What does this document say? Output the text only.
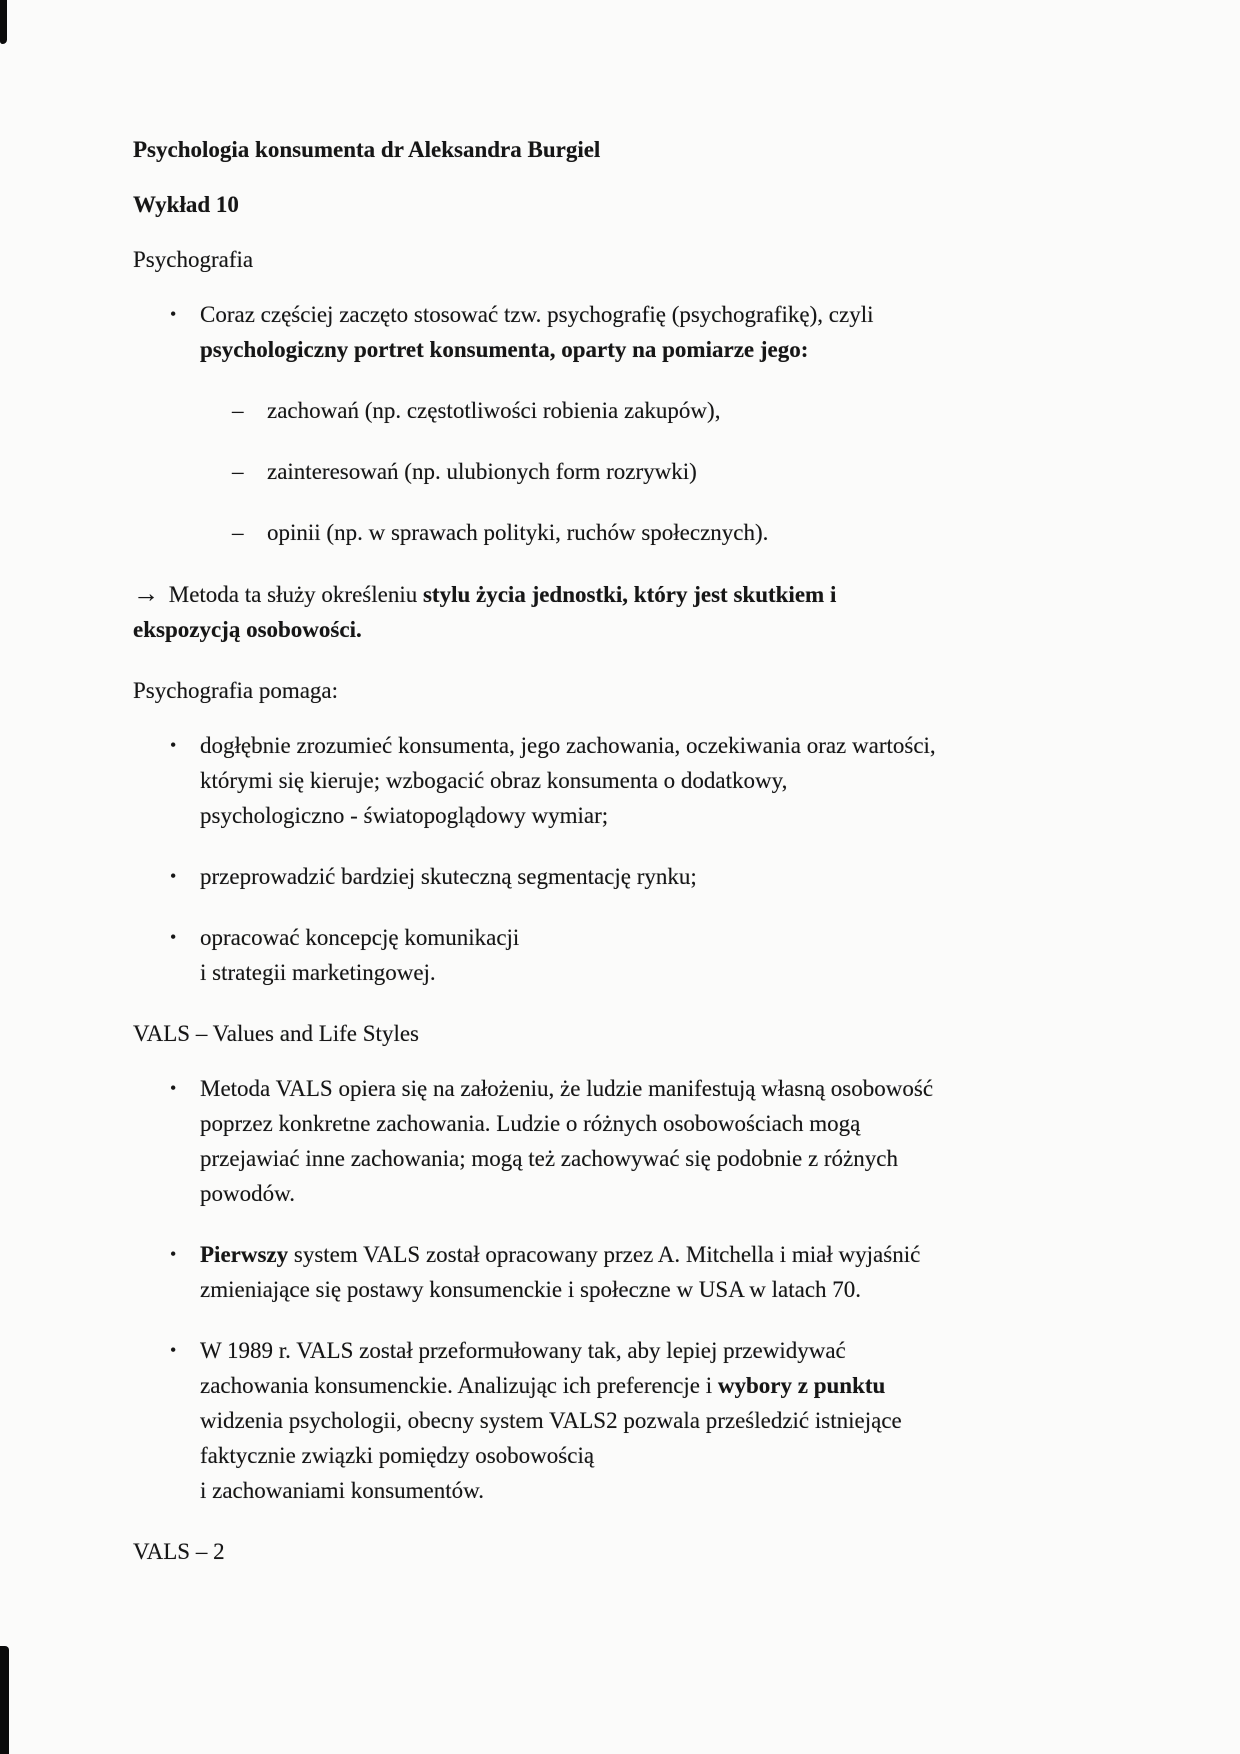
Psychologia konsumenta dr Aleksandra Burgiel

Wykład 10

Psychografia

•	Coraz częściej zaczęto stosować tzw. psychografię (psychografikę), czyli
psychologiczny portret konsumenta, oparty na pomiarze jego:
–	zachowań (np. częstotliwości robienia zakupów),
–	zainteresowań (np. ulubionych form rozrywki)
–	opinii (np. w sprawach polityki, ruchów społecznych).
→ Metoda ta służy określeniu stylu życia jednostki, który jest skutkiem i
ekspozycją osobowości.

Psychografia pomaga:

•	dogłębnie zrozumieć konsumenta, jego zachowania, oczekiwania oraz wartości,
którymi się kieruje; wzbogacić obraz konsumenta o dodatkowy,
psychologiczno - światopoglądowy wymiar;
•	przeprowadzić bardziej skuteczną segmentację rynku;
•	opracować koncepcję komunikacji
i strategii marketingowej.

VALS – Values and Life Styles

•	Metoda VALS opiera się na założeniu, że ludzie manifestują własną osobowość
poprzez konkretne zachowania. Ludzie o różnych osobowościach mogą
przejawiać inne zachowania; mogą też zachowywać się podobnie z różnych
powodów.
•	Pierwszy system VALS został opracowany przez A. Mitchella i miał wyjaśnić
zmieniające się postawy konsumenckie i społeczne w USA w latach 70.
•	W 1989 r. VALS został przeformułowany tak, aby lepiej przewidywać
zachowania konsumenckie. Analizując ich preferencje i wybory z punktu
widzenia psychologii, obecny system VALS2 pozwala prześledzić istniejące
faktycznie związki pomiędzy osobowością
i zachowaniami konsumentów.

VALS – 2
